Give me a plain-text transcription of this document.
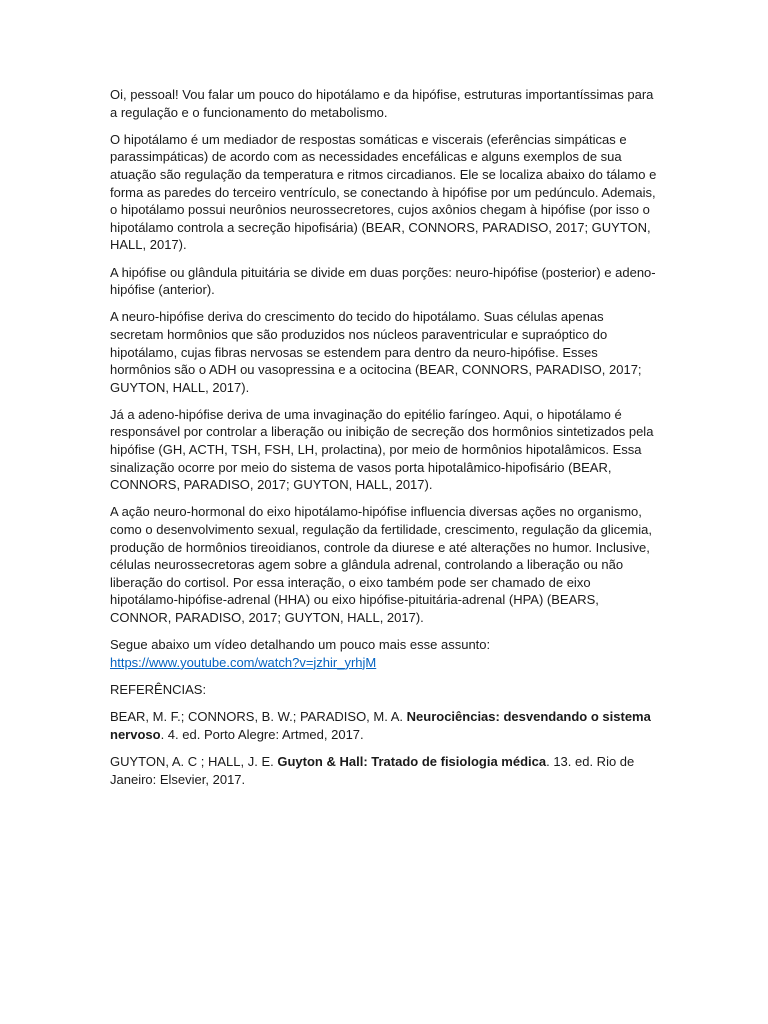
Oi, pessoal! Vou falar um pouco do hipotálamo e da hipófise, estruturas importantíssimas para a regulação e o funcionamento do metabolismo.

O hipotálamo é um mediador de respostas somáticas e viscerais (eferências simpáticas e parassimpáticas) de acordo com as necessidades encefálicas e alguns exemplos de sua atuação são regulação da temperatura e ritmos circadianos. Ele se localiza abaixo do tálamo e forma as paredes do terceiro ventrículo, se conectando à hipófise por um pedúnculo. Ademais, o hipotálamo possui neurônios neurossecretores, cujos axônios chegam à hipófise (por isso o hipotálamo controla a secreção hipofisária) (BEAR, CONNORS, PARADISO, 2017; GUYTON, HALL, 2017).

A hipófise ou glândula pituitária se divide em duas porções: neuro-hipófise (posterior) e adeno-hipófise (anterior).

A neuro-hipófise deriva do crescimento do tecido do hipotálamo. Suas células apenas secretam hormônios que são produzidos nos núcleos paraventricular e supraóptico do hipotálamo, cujas fibras nervosas se estendem para dentro da neuro-hipófise. Esses hormônios são o ADH ou vasopressina e a ocitocina (BEAR, CONNORS, PARADISO, 2017; GUYTON, HALL, 2017).

Já a adeno-hipófise deriva de uma invaginação do epitélio faríngeo. Aqui, o hipotálamo é responsável por controlar a liberação ou inibição de secreção dos hormônios sintetizados pela hipófise (GH, ACTH, TSH, FSH, LH, prolactina), por meio de hormônios hipotalâmicos. Essa sinalização ocorre por meio do sistema de vasos porta hipotalâmico-hipofisário (BEAR, CONNORS, PARADISO, 2017; GUYTON, HALL, 2017).

A ação neuro-hormonal do eixo hipotálamo-hipófise influencia diversas ações no organismo, como o desenvolvimento sexual, regulação da fertilidade, crescimento, regulação da glicemia, produção de hormônios tireoidianos, controle da diurese e até alterações no humor. Inclusive, células neurossecretoras agem sobre a glândula adrenal, controlando a liberação ou não liberação do cortisol. Por essa interação, o eixo também pode ser chamado de eixo hipotálamo-hipófise-adrenal (HHA) ou eixo hipófise-pituitária-adrenal (HPA) (BEARS, CONNOR, PARADISO, 2017; GUYTON, HALL, 2017).

Segue abaixo um vídeo detalhando um pouco mais esse assunto:
https://www.youtube.com/watch?v=jzhir_yrhjM

REFERÊNCIAS:

BEAR, M. F.; CONNORS, B. W.; PARADISO, M. A. Neurociências: desvendando o sistema nervoso. 4. ed. Porto Alegre: Artmed, 2017.

GUYTON, A. C ; HALL, J. E. Guyton & Hall: Tratado de fisiologia médica. 13. ed. Rio de Janeiro: Elsevier, 2017.
